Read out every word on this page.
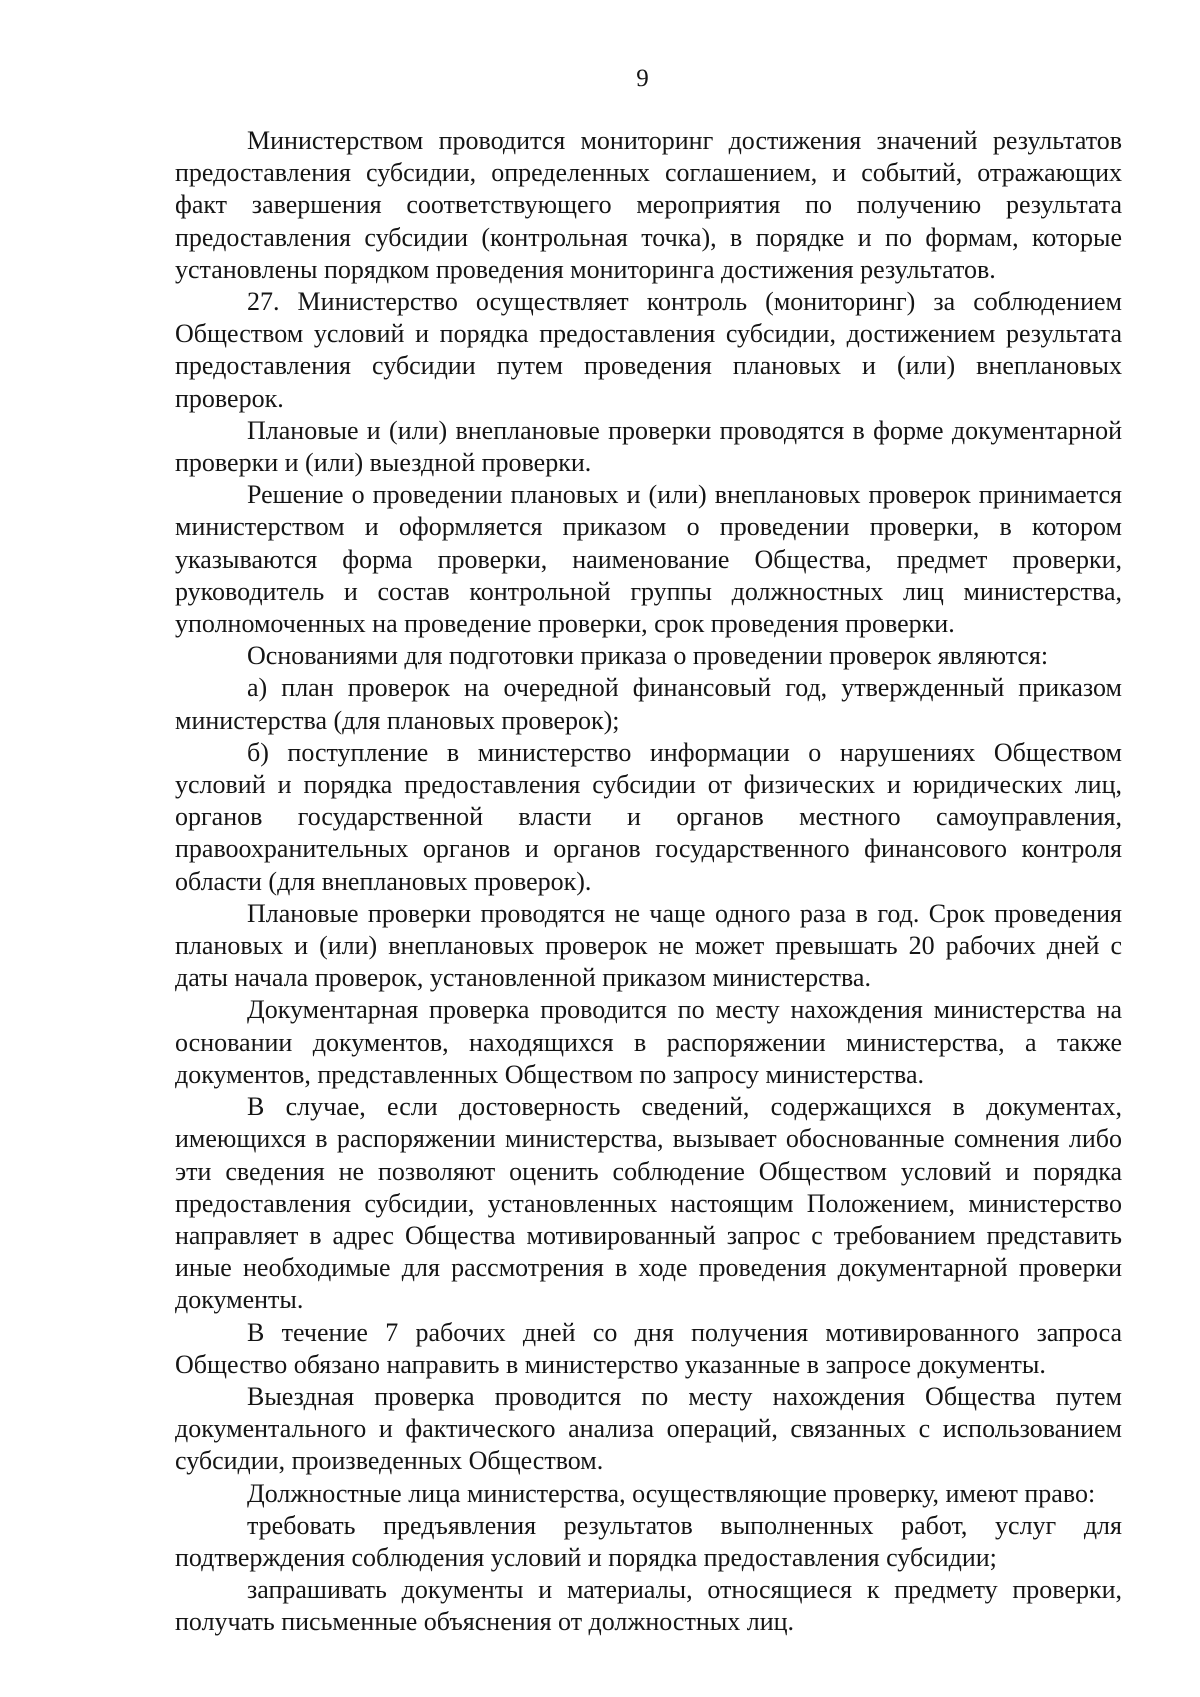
9

Министерством проводится мониторинг достижения значений результатов предоставления субсидии, определенных соглашением, и событий, отражающих факт завершения соответствующего мероприятия по получению результата предоставления субсидии (контрольная точка), в порядке и по формам, которые установлены порядком проведения мониторинга достижения результатов.

27. Министерство осуществляет контроль (мониторинг) за соблюдением Обществом условий и порядка предоставления субсидии, достижением результата предоставления субсидии путем проведения плановых и (или) внеплановых проверок.

Плановые и (или) внеплановые проверки проводятся в форме документарной проверки и (или) выездной проверки.

Решение о проведении плановых и (или) внеплановых проверок принимается министерством и оформляется приказом о проведении проверки, в котором указываются форма проверки, наименование Общества, предмет проверки, руководитель и состав контрольной группы должностных лиц министерства, уполномоченных на проведение проверки, срок проведения проверки.

Основаниями для подготовки приказа о проведении проверок являются:

а) план проверок на очередной финансовый год, утвержденный приказом министерства (для плановых проверок);

б) поступление в министерство информации о нарушениях Обществом условий и порядка предоставления субсидии от физических и юридических лиц, органов государственной власти и органов местного самоуправления, правоохранительных органов и органов государственного финансового контроля области (для внеплановых проверок).

Плановые проверки проводятся не чаще одного раза в год. Срок проведения плановых и (или) внеплановых проверок не может превышать 20 рабочих дней с даты начала проверок, установленной приказом министерства.

Документарная проверка проводится по месту нахождения министерства на основании документов, находящихся в распоряжении министерства, а также документов, представленных Обществом по запросу министерства.

В случае, если достоверность сведений, содержащихся в документах, имеющихся в распоряжении министерства, вызывает обоснованные сомнения либо эти сведения не позволяют оценить соблюдение Обществом условий и порядка предоставления субсидии, установленных настоящим Положением, министерство направляет в адрес Общества мотивированный запрос с требованием представить иные необходимые для рассмотрения в ходе проведения документарной проверки документы.

В течение 7 рабочих дней со дня получения мотивированного запроса Общество обязано направить в министерство указанные в запросе документы.

Выездная проверка проводится по месту нахождения Общества путем документального и фактического анализа операций, связанных с использованием субсидии, произведенных Обществом.

Должностные лица министерства, осуществляющие проверку, имеют право:

требовать предъявления результатов выполненных работ, услуг для подтверждения соблюдения условий и порядка предоставления субсидии;

запрашивать документы и материалы, относящиеся к предмету проверки, получать письменные объяснения от должностных лиц.
